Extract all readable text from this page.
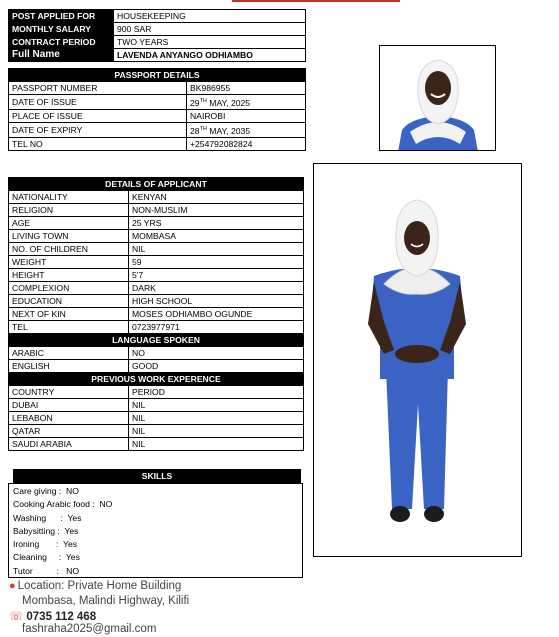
POST APPLIED FOR	HOUSEKEEPING
MONTHLY SALARY	900 SAR
CONTRACT PERIOD	TWO YEARS
Full Name	LAVENDA ANYANGO ODHIAMBO
PASSPORT DETAILS	
PASSPORT NUMBER	BK986955
DATE OF ISSUE	29TH MAY, 2025
PLACE OF ISSUE	NAIROBI
DATE OF EXPIRY	28TH MAY, 2035
TEL NO	+254792082824
DETAILS OF APPLICANT	
NATIONALITY	KENYAN
RELIGION	NON-MUSLIM
AGE	25 YRS
LIVING TOWN	MOMBASA
NO. OF CHILDREN	NIL
WEIGHT	59
HEIGHT	5'7
COMPLEXION	DARK
EDUCATION	HIGH SCHOOL
NEXT OF KIN	MOSES ODHIAMBO OGUNDE
TEL	0723977971
LANGUAGE SPOKEN	
ARABIC	NO
ENGLISH	GOOD
PREVIOUS WORK EXPERENCE	
COUNTRY	PERIOD
DUBAI	NIL
LEBABON	NIL
QATAR	NIL
SAUDI ARABIA	NIL
SKILLS
Care giving :  NO
Cooking Arabic food :  NO
Washing      :  Yes
Babysitting :  Yes
Ironing       :  Yes
Cleaning     :  Yes
Tutor          :   NO
● Location: Private Home Building
Mombasa, Malindi Highway, Kilifi
☏ 0735 112 468
fashraha2025@gmail.com
